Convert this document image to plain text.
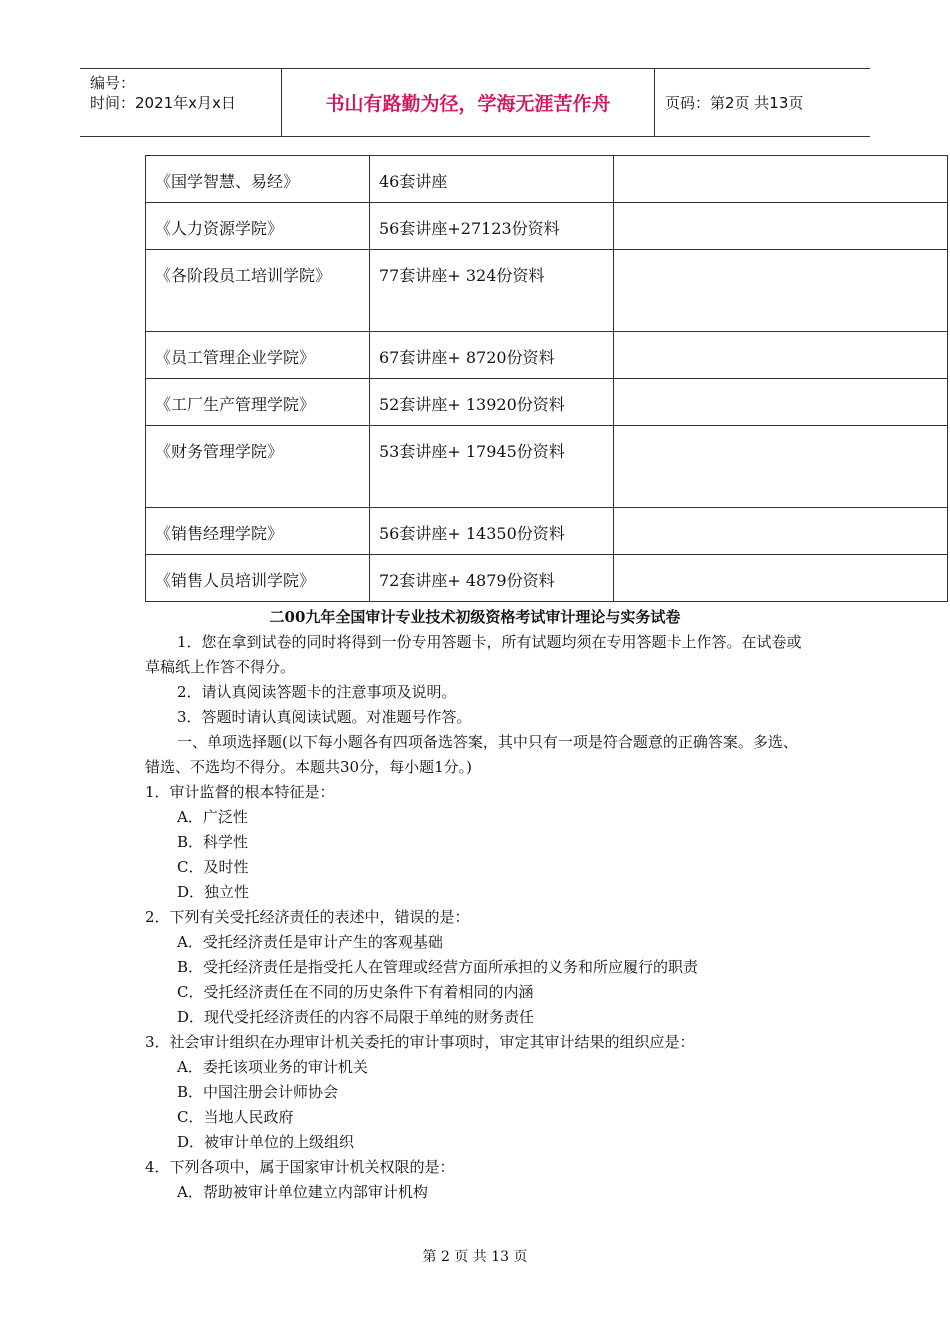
编号：
时间：2021年x月x日	书山有路勤为径，学海无涯苦作舟	页码：第2页 共13页
《国学智慧、易经》	46套讲座	
《人力资源学院》	56套讲座+27123份资料	
《各阶段员工培训学院》	77套讲座+ 324份资料	
《员工管理企业学院》	67套讲座+ 8720份资料	
《工厂生产管理学院》	52套讲座+ 13920份资料	
《财务管理学院》	53套讲座+ 17945份资料	
《销售经理学院》	56套讲座+ 14350份资料	
《销售人员培训学院》	72套讲座+ 4879份资料	
二00九年全国审计专业技术初级资格考试审计理论与实务试卷

1．您在拿到试卷的同时将得到一份专用答题卡，所有试题均须在专用答题卡上作答。在试卷或草稿纸上作答不得分。

2．请认真阅读答题卡的注意事项及说明。

3．答题时请认真阅读试题。对准题号作答。

一、单项选择题(以下每小题各有四项备选答案，其中只有一项是符合题意的正确答案。多选、错选、不选均不得分。本题共30分，每小题1分。)

1．审计监督的根本特征是：
A．广泛性
B．科学性
C．及时性
D．独立性
2．下列有关受托经济责任的表述中，错误的是：
A．受托经济责任是审计产生的客观基础
B．受托经济责任是指受托人在管理或经营方面所承担的义务和所应履行的职责
C．受托经济责任在不同的历史条件下有着相同的内涵
D．现代受托经济责任的内容不局限于单纯的财务责任
3．社会审计组织在办理审计机关委托的审计事项时，审定其审计结果的组织应是：
A．委托该项业务的审计机关
B．中国注册会计师协会
C．当地人民政府
D．被审计单位的上级组织
4．下列各项中，属于国家审计机关权限的是：
A．帮助被审计单位建立内部审计机构
第 2 页 共 13 页
